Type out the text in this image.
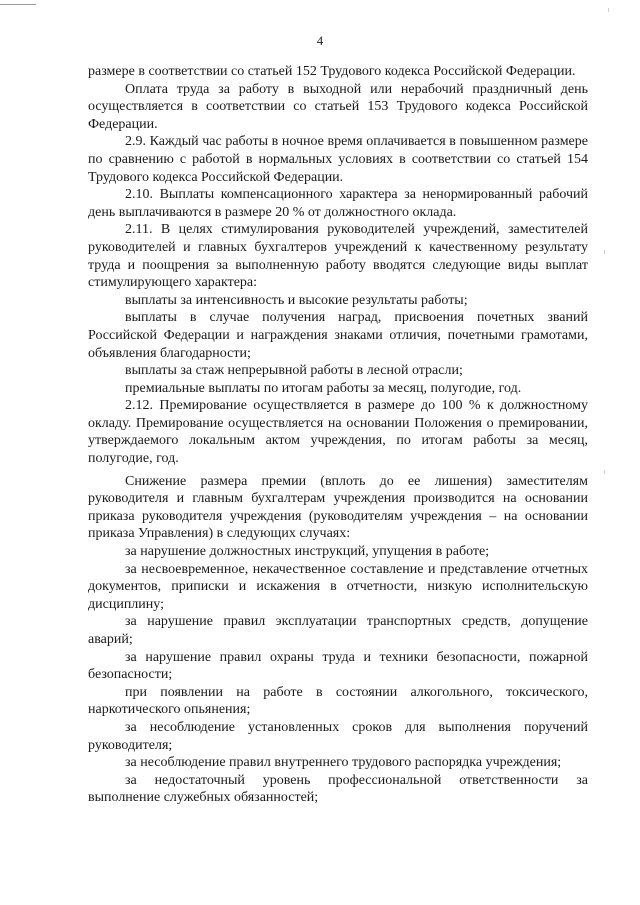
4

размере в соответствии со статьей 152 Трудового кодекса Российской Федерации.

Оплата труда за работу в выходной или нерабочий праздничный день осуществляется в соответствии со статьей 153 Трудового кодекса Российской Федерации.

2.9. Каждый час работы в ночное время оплачивается в повышенном размере по сравнению с работой в нормальных условиях в соответствии со статьей 154 Трудового кодекса Российской Федерации.

2.10. Выплаты компенсационного характера за ненормированный рабочий день выплачиваются в размере 20 % от должностного оклада.

2.11. В целях стимулирования руководителей учреждений, заместителей руководителей и главных бухгалтеров учреждений к качественному результату труда и поощрения за выполненную работу вводятся следующие виды выплат стимулирующего характера:

выплаты за интенсивность и высокие результаты работы;

выплаты в случае получения наград, присвоения почетных званий Российской Федерации и награждения знаками отличия, почетными грамотами, объявления благодарности;

выплаты за стаж непрерывной работы в лесной отрасли;

премиальные выплаты по итогам работы за месяц, полугодие, год.

2.12. Премирование осуществляется в размере до 100 % к должностному окладу. Премирование осуществляется на основании Положения о премировании, утверждаемого локальным актом учреждения, по итогам работы за месяц, полугодие, год.

Снижение размера премии (вплоть до ее лишения) заместителям руководителя и главным бухгалтерам учреждения производится на основании приказа руководителя учреждения (руководителям учреждения – на основании приказа Управления) в следующих случаях:

за нарушение должностных инструкций, упущения в работе;

за несвоевременное, некачественное составление и представление отчетных документов, приписки и искажения в отчетности, низкую исполнительскую дисциплину;

за нарушение правил эксплуатации транспортных средств, допущение аварий;

за нарушение правил охраны труда и техники безопасности, пожарной безопасности;

при появлении на работе в состоянии алкогольного, токсического, наркотического опьянения;

за несоблюдение установленных сроков для выполнения поручений руководителя;

за несоблюдение правил внутреннего трудового распорядка учреждения;

за недостаточный уровень профессиональной ответственности за выполнение служебных обязанностей;
